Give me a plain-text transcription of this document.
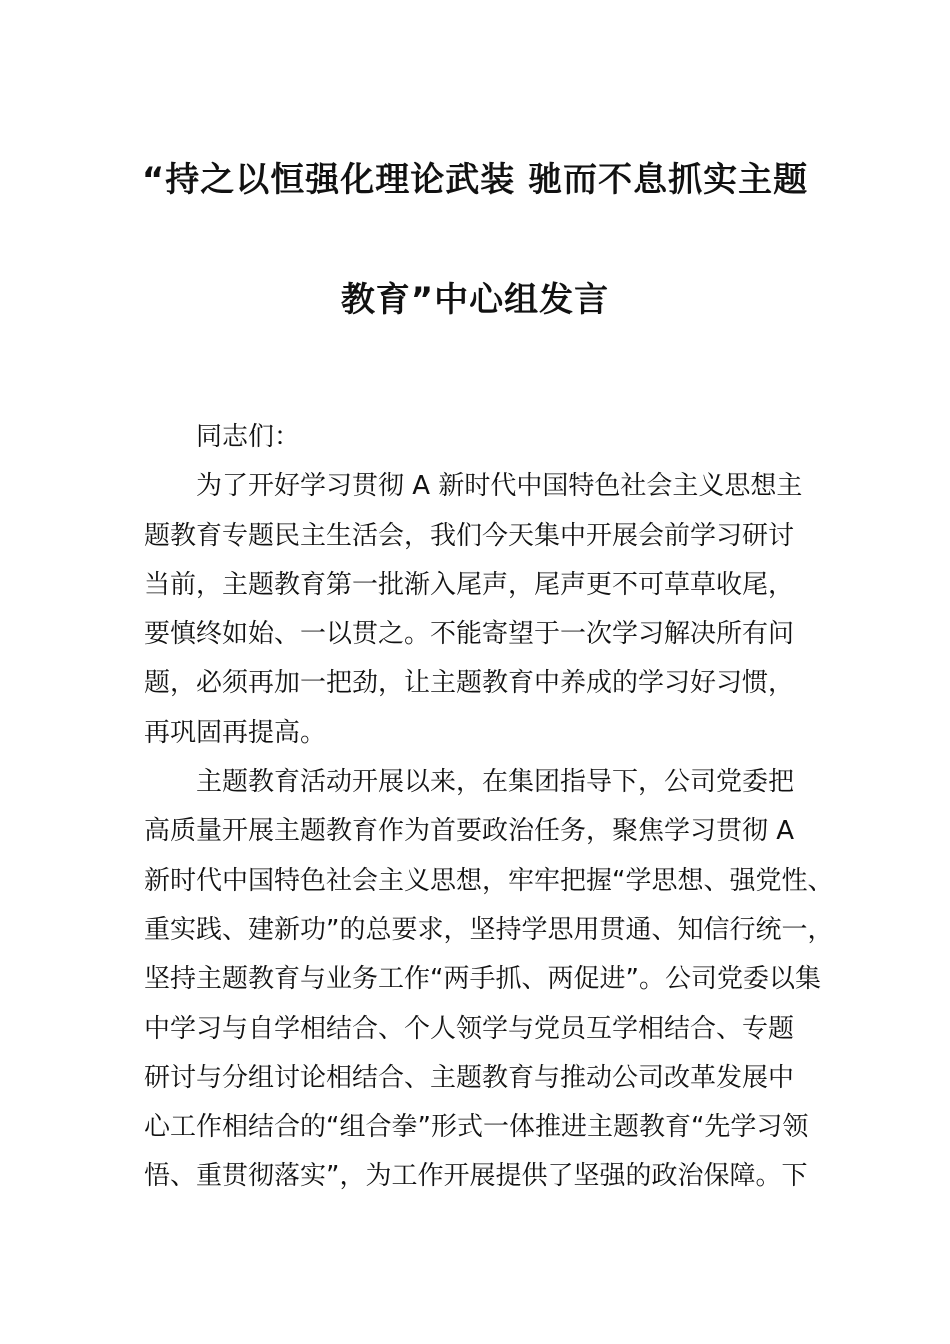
“持之以恒强化理论武装 驰而不息抓实主题
教育”中心组发言
　　同志们：
　　为了开好学习贯彻 A 新时代中国特色社会主义思想主
题教育专题民主生活会，我们今天集中开展会前学习研讨
当前，主题教育第一批渐入尾声，尾声更不可草草收尾，
要慎终如始、一以贯之。不能寄望于一次学习解决所有问
题，必须再加一把劲，让主题教育中养成的学习好习惯，
再巩固再提高。
　　主题教育活动开展以来，在集团指导下，公司党委把
高质量开展主题教育作为首要政治任务，聚焦学习贯彻 A
新时代中国特色社会主义思想，牢牢把握“学思想、强党性、
重实践、建新功”的总要求，坚持学思用贯通、知信行统一，
坚持主题教育与业务工作“两手抓、两促进”。公司党委以集
中学习与自学相结合、个人领学与党员互学相结合、专题
研讨与分组讨论相结合、主题教育与推动公司改革发展中
心工作相结合的“组合拳”形式一体推进主题教育“先学习领
悟、重贯彻落实”，为工作开展提供了坚强的政治保障。下
